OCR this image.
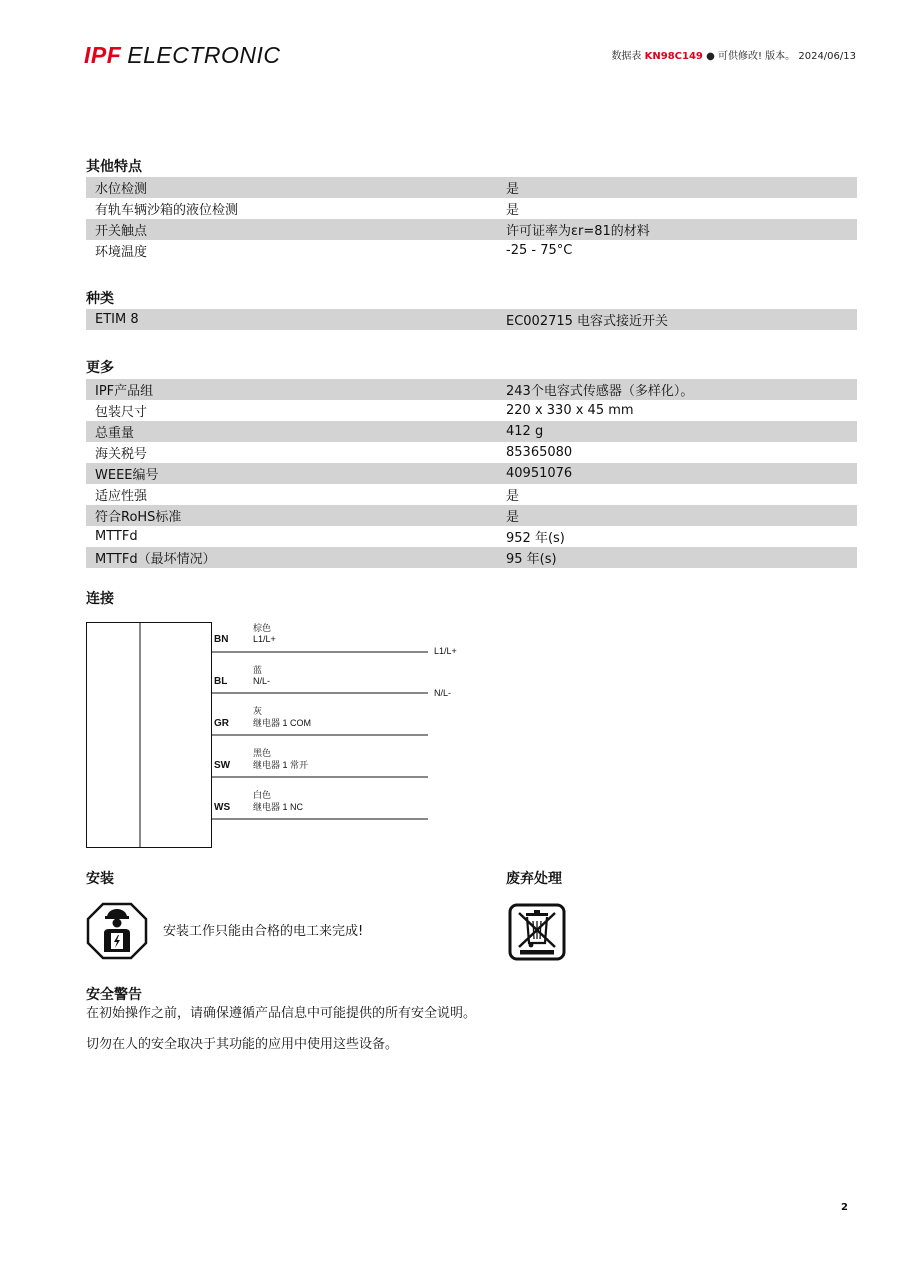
IPF ELECTRONIC	数据表 KN98C149 ● 可供修改! 版本。 2024/06/13
其他特点
水位检测	是
有轨车辆沙箱的液位检测	是
开关触点	许可证率为εr=81的材料
环境温度	-25 - 75°C
种类
ETIM 8	EC002715 电容式接近开关
更多
IPF产品组	243个电容式传感器（多样化）。
包装尺寸	220 x 330 x 45 mm
总重量	412 g
海关税号	85365080
WEEE编号	40951076
适应性强	是
符合RoHS标准	是
MTTFd	952 年(s)
MTTFd（最坏情况）	95 年(s)
连接
BN
棕色
L1/L+
L1/L+
BL
蓝
N/L-
N/L-
GR
灰
继电器 1 COM
SW
黑色
继电器 1 常开
WS
白色
继电器 1 NC
安装
安装工作只能由合格的电工来完成!
废弃处理
安全警告
在初始操作之前，请确保遵循产品信息中可能提供的所有安全说明。
切勿在人的安全取决于其功能的应用中使用这些设备。
2
